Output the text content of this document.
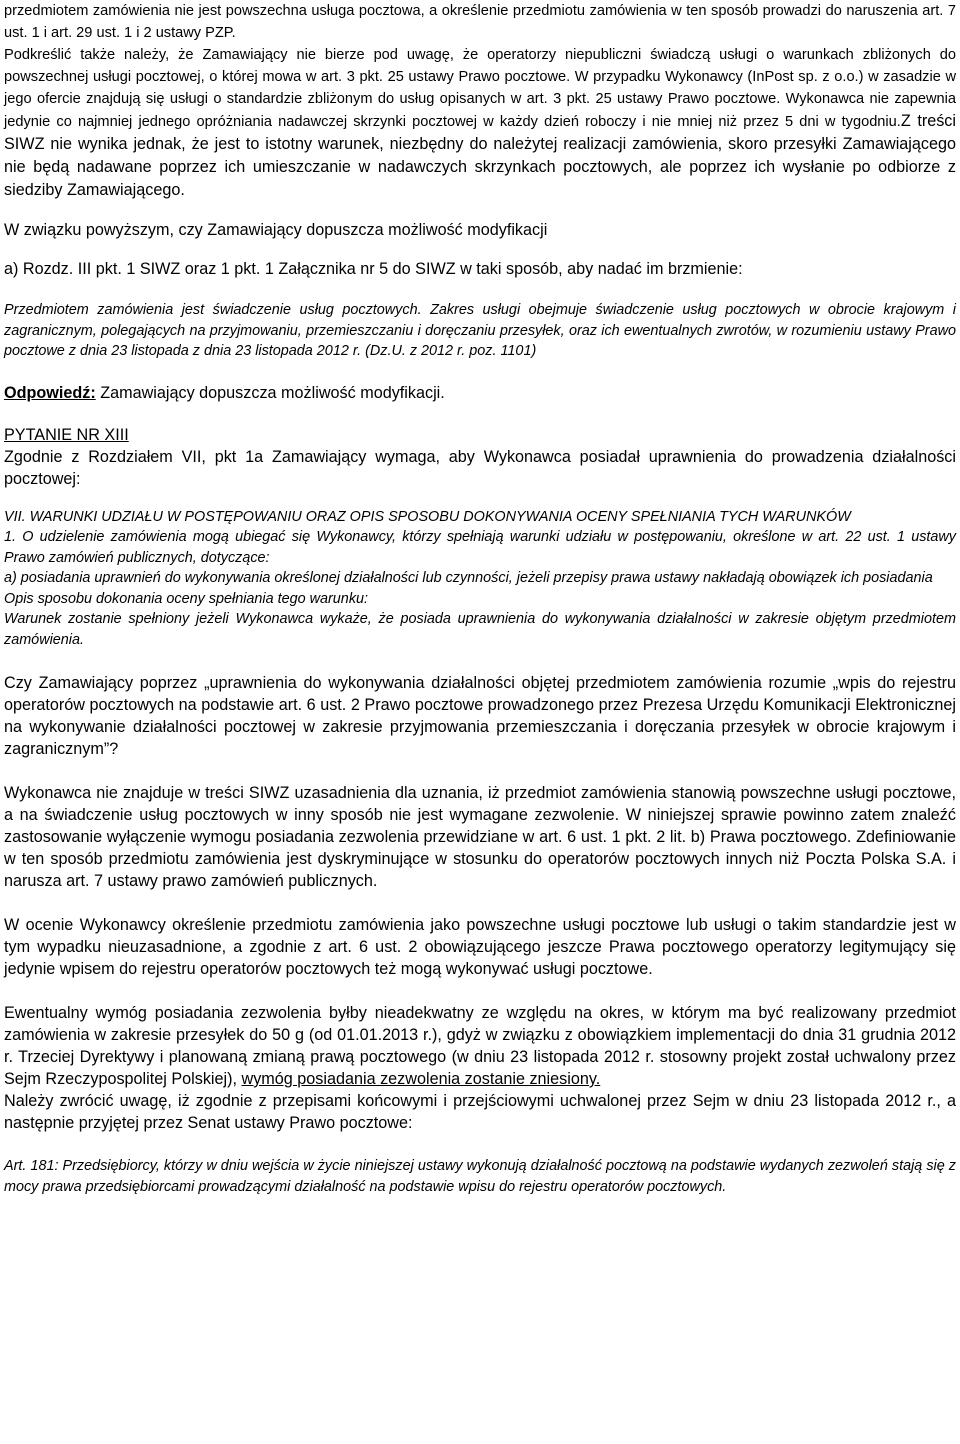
przedmiotem zamówienia nie jest powszechna usługa pocztowa, a określenie przedmiotu zamówienia w ten sposób prowadzi do naruszenia art. 7 ust. 1 i art. 29 ust. 1 i 2 ustawy PZP.

Podkreślić także należy, że Zamawiający nie bierze pod uwagę, że operatorzy niepubliczni świadczą usługi o warunkach zbliżonych do powszechnej usługi pocztowej, o której mowa w art. 3 pkt. 25 ustawy Prawo pocztowe. W przypadku Wykonawcy (InPost sp. z o.o.) w zasadzie w jego ofercie znajdują się usługi o standardzie zbliżonym do usług opisanych w art. 3 pkt. 25 ustawy Prawo pocztowe. Wykonawca nie zapewnia jedynie co najmniej jednego opróżniania nadawczej skrzynki pocztowej w każdy dzień roboczy i nie mniej niż przez 5 dni w tygodniu.Z treści SIWZ nie wynika jednak, że jest to istotny warunek, niezbędny do należytej realizacji zamówienia, skoro przesyłki Zamawiającego nie będą nadawane poprzez ich umieszczanie w nadawczych skrzynkach pocztowych, ale poprzez ich wysłanie po odbiorze z siedziby Zamawiającego.

W związku powyższym, czy Zamawiający dopuszcza możliwość modyfikacji

a) Rozdz. III pkt. 1 SIWZ oraz 1 pkt. 1 Załącznika nr 5 do SIWZ w taki sposób, aby nadać im brzmienie:

Przedmiotem zamówienia jest świadczenie usług pocztowych. Zakres usługi obejmuje świadczenie usług pocztowych w obrocie krajowym i zagranicznym, polegających na przyjmowaniu, przemieszczaniu i doręczaniu przesyłek, oraz ich ewentualnych zwrotów, w rozumieniu ustawy Prawo pocztowe z dnia 23 listopada z dnia 23 listopada 2012 r. (Dz.U. z 2012 r. poz. 1101)

Odpowiedź: Zamawiający dopuszcza możliwość modyfikacji.

PYTANIE NR XIII

Zgodnie z Rozdziałem VII, pkt 1a Zamawiający wymaga, aby Wykonawca posiadał uprawnienia do prowadzenia działalności pocztowej:

VII. WARUNKI UDZIAŁU W POSTĘPOWANIU ORAZ OPIS SPOSOBU DOKONYWANIA OCENY SPEŁNIANIA TYCH WARUNKÓW

1. O udzielenie zamówienia mogą ubiegać się Wykonawcy, którzy spełniają warunki udziału w postępowaniu, określone w art. 22 ust. 1 ustawy Prawo zamówień publicznych, dotyczące:

a) posiadania uprawnień do wykonywania określonej działalności lub czynności, jeżeli przepisy prawa ustawy nakładają obowiązek ich posiadania

Opis sposobu dokonania oceny spełniania tego warunku:

Warunek zostanie spełniony jeżeli Wykonawca wykaże, że posiada uprawnienia do wykonywania działalności w zakresie objętym przedmiotem zamówienia.

Czy Zamawiający poprzez „uprawnienia do wykonywania działalności objętej przedmiotem zamówienia rozumie „wpis do rejestru operatorów pocztowych na podstawie art. 6 ust. 2 Prawo pocztowe prowadzonego przez Prezesa Urzędu Komunikacji Elektronicznej na wykonywanie działalności pocztowej w zakresie przyjmowania przemieszczania i doręczania przesyłek w obrocie krajowym i zagranicznym”?

Wykonawca nie znajduje w treści SIWZ uzasadnienia dla uznania, iż przedmiot zamówienia stanowią powszechne usługi pocztowe, a na świadczenie usług pocztowych w inny sposób nie jest wymagane zezwolenie. W niniejszej sprawie powinno zatem znaleźć zastosowanie wyłączenie wymogu posiadania zezwolenia przewidziane w art. 6 ust. 1 pkt. 2 lit. b) Prawa pocztowego. Zdefiniowanie w ten sposób przedmiotu zamówienia jest dyskryminujące w stosunku do operatorów pocztowych innych niż Poczta Polska S.A. i narusza art. 7 ustawy prawo zamówień publicznych.

W ocenie Wykonawcy określenie przedmiotu zamówienia jako powszechne usługi pocztowe lub usługi o takim standardzie jest w tym wypadku nieuzasadnione, a zgodnie z art. 6 ust. 2 obowiązującego jeszcze Prawa pocztowego operatorzy legitymujący się jedynie wpisem do rejestru operatorów pocztowych też mogą wykonywać usługi pocztowe.

Ewentualny wymóg posiadania zezwolenia byłby nieadekwatny ze względu na okres, w którym ma być realizowany przedmiot zamówienia w zakresie przesyłek do 50 g (od 01.01.2013 r.), gdyż w związku z obowiązkiem implementacji do dnia 31 grudnia 2012 r. Trzeciej Dyrektywy i planowaną zmianą prawą pocztowego (w dniu 23 listopada 2012 r. stosowny projekt został uchwalony przez Sejm Rzeczypospolitej Polskiej), wymóg posiadania zezwolenia zostanie zniesiony.

Należy zwrócić uwagę, iż zgodnie z przepisami końcowymi i przejściowymi uchwalonej przez Sejm w dniu 23 listopada 2012 r., a następnie przyjętej przez Senat ustawy Prawo pocztowe:

Art. 181: Przedsiębiorcy, którzy w dniu wejścia w życie niniejszej ustawy wykonują działalność pocztową na podstawie wydanych zezwoleń stają się z mocy prawa przedsiębiorcami prowadzącymi działalność na podstawie wpisu do rejestru operatorów pocztowych.
